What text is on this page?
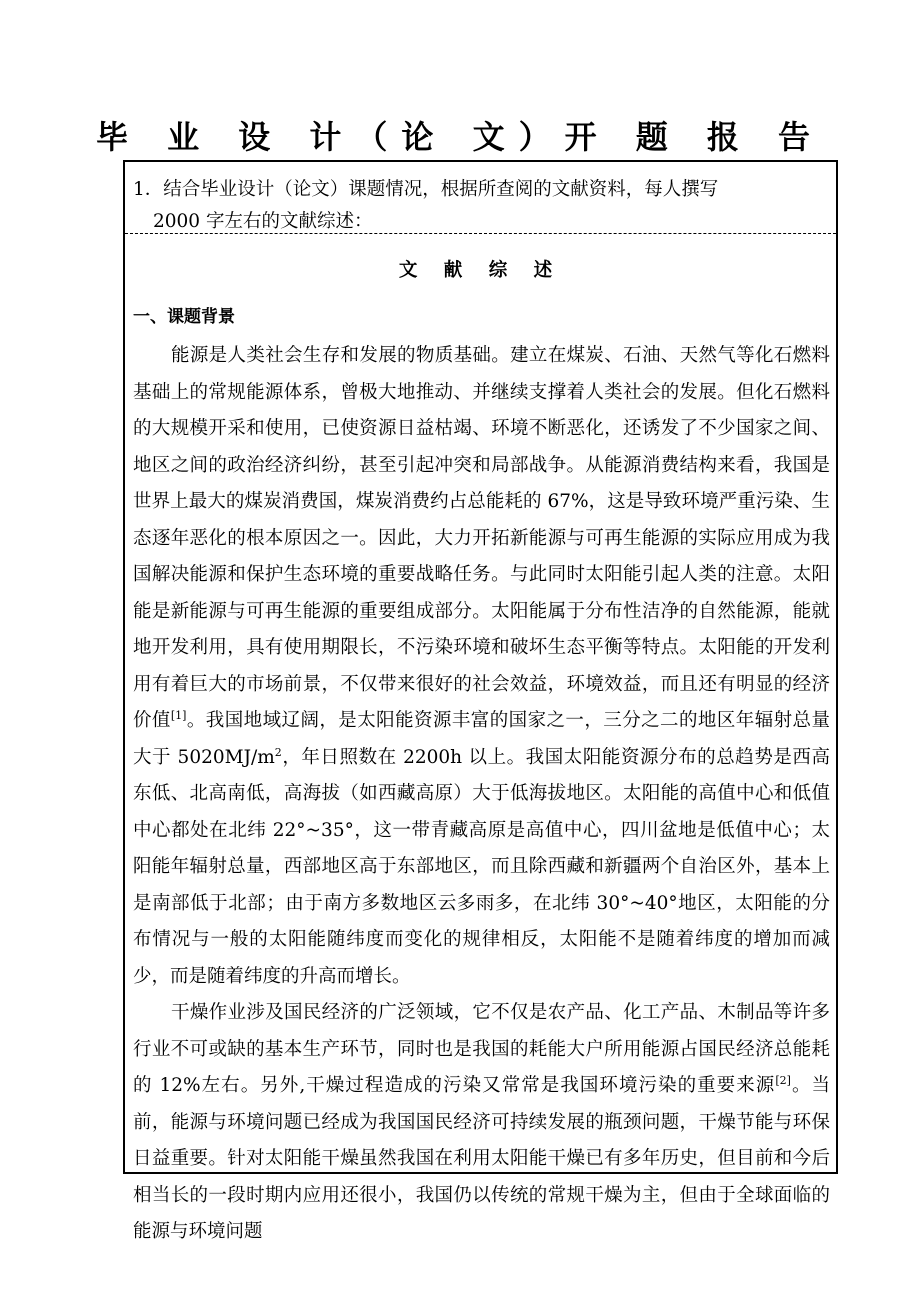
毕 业 设 计（论 文）开 题 报 告
1．结合毕业设计（论文）课题情况，根据所查阅的文献资料，每人撰写
2000 字左右的文献综述：
文 献 综 述
一、课题背景

能源是人类社会生存和发展的物质基础。建立在煤炭、石油、天然气等化石燃料基础上的常规能源体系，曾极大地推动、并继续支撑着人类社会的发展。但化石燃料的大规模开采和使用，已使资源日益枯竭、环境不断恶化，还诱发了不少国家之间、地区之间的政治经济纠纷，甚至引起冲突和局部战争。从能源消费结构来看，我国是世界上最大的煤炭消费国，煤炭消费约占总能耗的 67%，这是导致环境严重污染、生态逐年恶化的根本原因之一。因此，大力开拓新能源与可再生能源的实际应用成为我国解决能源和保护生态环境的重要战略任务。与此同时太阳能引起人类的注意。太阳能是新能源与可再生能源的重要组成部分。太阳能属于分布性洁净的自然能源，能就地开发利用，具有使用期限长，不污染环境和破坏生态平衡等特点。太阳能的开发利用有着巨大的市场前景，不仅带来很好的社会效益，环境效益，而且还有明显的经济价值[1]。我国地域辽阔，是太阳能资源丰富的国家之一，三分之二的地区年辐射总量大于 $5020MJ/m^2$，年日照数在 2200h 以上。我国太阳能资源分布的总趋势是西高东低、北高南低，高海拔（如西藏高原）大于低海拔地区。太阳能的高值中心和低值中心都处在北纬 22°~35°，这一带青藏高原是高值中心，四川盆地是低值中心；太阳能年辐射总量，西部地区高于东部地区，而且除西藏和新疆两个自治区外，基本上是南部低于北部；由于南方多数地区云多雨多，在北纬 30°~40°地区，太阳能的分布情况与一般的太阳能随纬度而变化的规律相反，太阳能不是随着纬度的增加而减少，而是随着纬度的升高而增长。

干燥作业涉及国民经济的广泛领域，它不仅是农产品、化工产品、木制品等许多行业不可或缺的基本生产环节，同时也是我国的耗能大户所用能源占国民经济总能耗的 12%左右。另外,干燥过程造成的污染又常常是我国环境污染的重要来源[2]。当前，能源与环境问题已经成为我国国民经济可持续发展的瓶颈问题，干燥节能与环保日益重要。针对太阳能干燥虽然我国在利用太阳能干燥已有多年历史，但目前和今后相当长的一段时期内应用还很小，我国仍以传统的常规干燥为主，但由于全球面临的能源与环境问题
